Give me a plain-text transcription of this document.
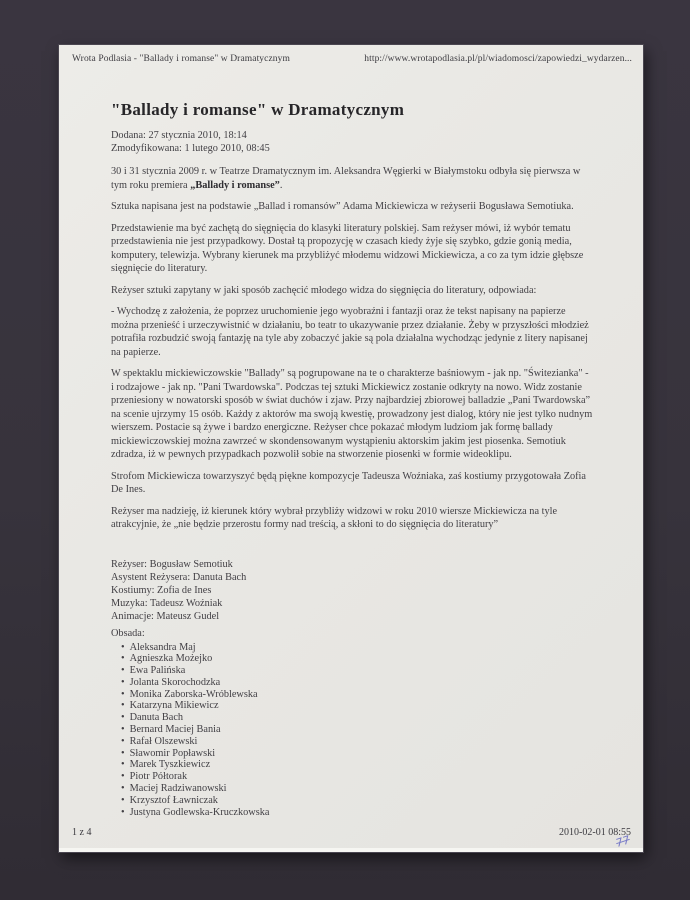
Wrota Podlasia - "Ballady i romanse" w Dramatycznym	http://www.wrotapodlasia.pl/pl/wiadomosci/zapowiedzi_wydarzen...
"Ballady i romanse" w Dramatycznym
Dodana: 27 stycznia 2010, 18:14
Zmodyfikowana: 1 lutego 2010, 08:45

30 i 31 stycznia 2009 r. w Teatrze Dramatycznym im. Aleksandra Węgierki w Białymstoku odbyła się pierwsza w tym roku premiera „Ballady i romanse”.

Sztuka napisana jest na podstawie „Ballad i romansów” Adama Mickiewicza w reżyserii Bogusława Semotiuka.

Przedstawienie ma być zachętą do sięgnięcia do klasyki literatury polskiej. Sam reżyser mówi, iż wybór tematu przedstawienia nie jest przypadkowy. Dostał tą propozycję w czasach kiedy żyje się szybko, gdzie gonią media, komputery, telewizja. Wybrany kierunek ma przybliżyć młodemu widzowi Mickiewicza, a co za tym idzie głębsze sięgnięcie do literatury.

Reżyser sztuki zapytany w jaki sposób zachęcić młodego widza do sięgnięcia do literatury, odpowiada:

- Wychodzę z założenia, że poprzez uruchomienie jego wyobraźni i fantazji oraz że tekst napisany na papierze można przenieść i urzeczywistnić w działaniu, bo teatr to ukazywanie przez działanie. Żeby w przyszłości młodzież potrafiła rozbudzić swoją fantazję na tyle aby zobaczyć jakie są pola działalna wychodząc jedynie z litery napisanej na papierze.

W spektaklu mickiewiczowskie "Ballady" są pogrupowane na te o charakterze baśniowym - jak np. "Świtezianka" - i rodzajowe - jak np. "Pani Twardowska". Podczas tej sztuki Mickiewicz zostanie odkryty na nowo. Widz zostanie przeniesiony w nowatorski sposób w świat duchów i zjaw. Przy najbardziej zbiorowej balladzie „Pani Twardowska” na scenie ujrzymy 15 osób. Każdy z aktorów ma swoją kwestię, prowadzony jest dialog, który nie jest tylko nudnym wierszem. Postacie są żywe i bardzo energiczne. Reżyser chce pokazać młodym ludziom jak formę ballady mickiewiczowskiej można zawrzeć w skondensowanym wystąpieniu aktorskim jakim jest piosenka. Semotiuk zdradza, iż w pewnych przypadkach pozwolił sobie na stworzenie piosenki w formie wideoklipu.

Strofom Mickiewicza towarzyszyć będą piękne kompozycje Tadeusza Woźniaka, zaś kostiumy przygotowała Zofia De Ines.

Reżyser ma nadzieję, iż kierunek który wybrał przybliży widzowi w roku 2010 wiersze Mickiewicza na tyle atrakcyjnie, że „nie będzie przerostu formy nad treścią, a skłoni to do sięgnięcia do literatury”

Reżyser: Bogusław Semotiuk
Asystent Reżysera: Danuta Bach
Kostiumy: Zofia de Ines
Muzyka: Tadeusz Woźniak
Animacje: Mateusz Gudel
Obsada:
• Aleksandra Maj
• Agnieszka Możejko
• Ewa Palińska
• Jolanta Skorochodzka
• Monika Zaborska-Wróblewska
• Katarzyna Mikiewicz
• Danuta Bach
• Bernard Maciej Bania
• Rafał Olszewski
• Sławomir Popławski
• Marek Tyszkiewicz
• Piotr Półtorak
• Maciej Radziwanowski
• Krzysztof Ławniczak
• Justyna Godlewska-Kruczkowska
1 z 4	2010-02-01 08:55
77
